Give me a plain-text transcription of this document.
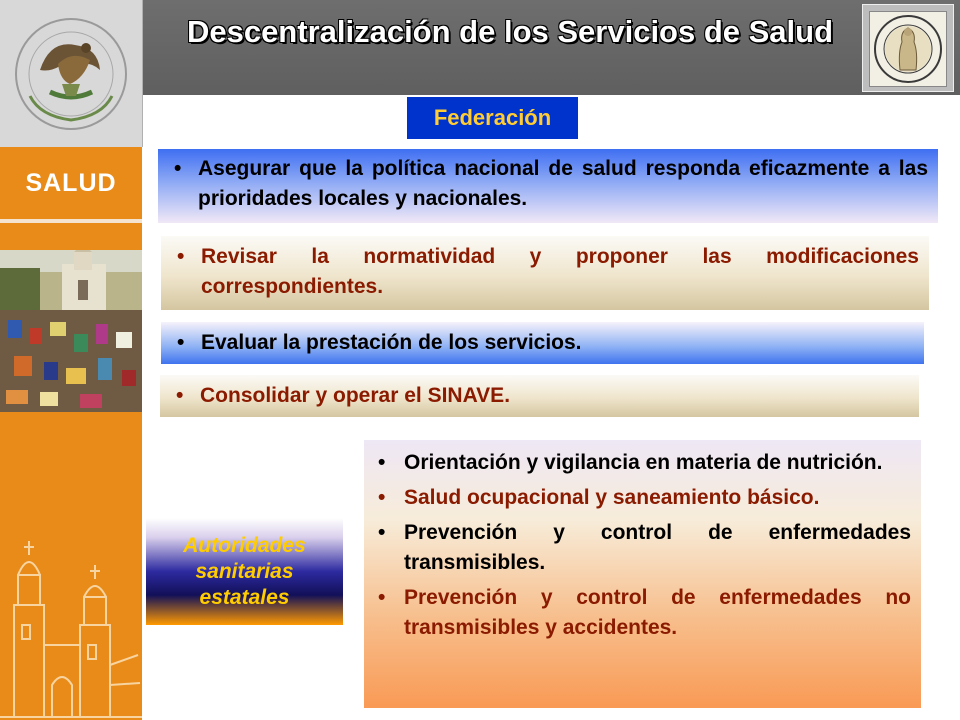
SALUD
Descentralización de los Servicios de Salud
Federación
• Asegurar que la política nacional de salud responda eficazmente a las prioridades locales y nacionales.
• Revisar la normatividad y proponer las modificaciones correspondientes.
• Evaluar la prestación de los servicios.
• Consolidar y operar el SINAVE.
Autoridades
sanitarias
estatales
• Orientación y vigilancia en materia de nutrición.
• Salud ocupacional y saneamiento básico.
• Prevención y control de enfermedades transmisibles.
• Prevención y control de enfermedades no transmisibles y accidentes.
